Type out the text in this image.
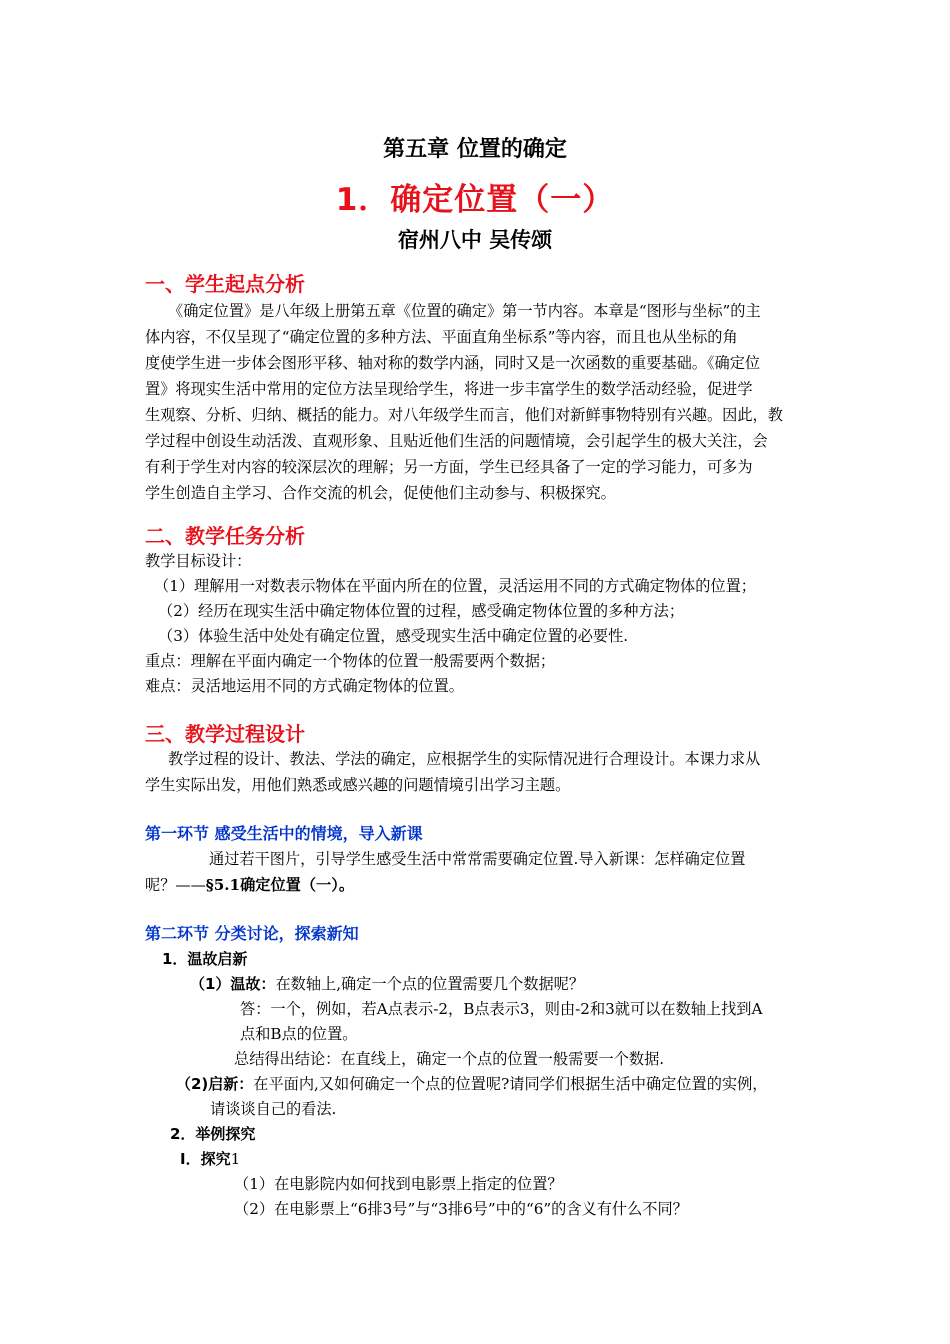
第五章 位置的确定
1．确定位置（一）
宿州八中 吴传颂
一、学生起点分析
《确定位置》是八年级上册第五章《位置的确定》第一节内容。本章是“图形与坐标”的主
体内容，不仅呈现了“确定位置的多种方法、平面直角坐标系”等内容，而且也从坐标的角
度使学生进一步体会图形平移、轴对称的数学内涵，同时又是一次函数的重要基础。《确定位
置》将现实生活中常用的定位方法呈现给学生，将进一步丰富学生的数学活动经验，促进学
生观察、分析、归纳、概括的能力。对八年级学生而言，他们对新鲜事物特别有兴趣。因此，教
学过程中创设生动活泼、直观形象、且贴近他们生活的问题情境，会引起学生的极大关注，会
有利于学生对内容的较深层次的理解；另一方面，学生已经具备了一定的学习能力，可多为
学生创造自主学习、合作交流的机会，促使他们主动参与、积极探究。
二、教学任务分析
教学目标设计：
（1）理解用一对数表示物体在平面内所在的位置，灵活运用不同的方式确定物体的位置；
（2）经历在现实生活中确定物体位置的过程，感受确定物体位置的多种方法；
（3）体验生活中处处有确定位置，感受现实生活中确定位置的必要性.
重点：理解在平面内确定一个物体的位置一般需要两个数据；
难点：灵活地运用不同的方式确定物体的位置。
三、教学过程设计
教学过程的设计、教法、学法的确定，应根据学生的实际情况进行合理设计。本课力求从
学生实际出发，用他们熟悉或感兴趣的问题情境引出学习主题。
第一环节 感受生活中的情境，导入新课
通过若干图片，引导学生感受生活中常常需要确定位置.导入新课：怎样确定位置
呢？——§5.1确定位置（一）。
第二环节 分类讨论，探索新知
1．温故启新
（1）温故：在数轴上,确定一个点的位置需要几个数据呢？
答：一个，例如，若A点表示-2，B点表示3，则由-2和3就可以在数轴上找到A
点和B点的位置。
总结得出结论：在直线上，确定一个点的位置一般需要一个数据.
（2)启新：在平面内,又如何确定一个点的位置呢?请同学们根据生活中确定位置的实例，
请谈谈自己的看法.
2．举例探究
Ⅰ．探究1
（1）在电影院内如何找到电影票上指定的位置？
（2）在电影票上“6排3号”与“3排6号”中的“6”的含义有什么不同？
